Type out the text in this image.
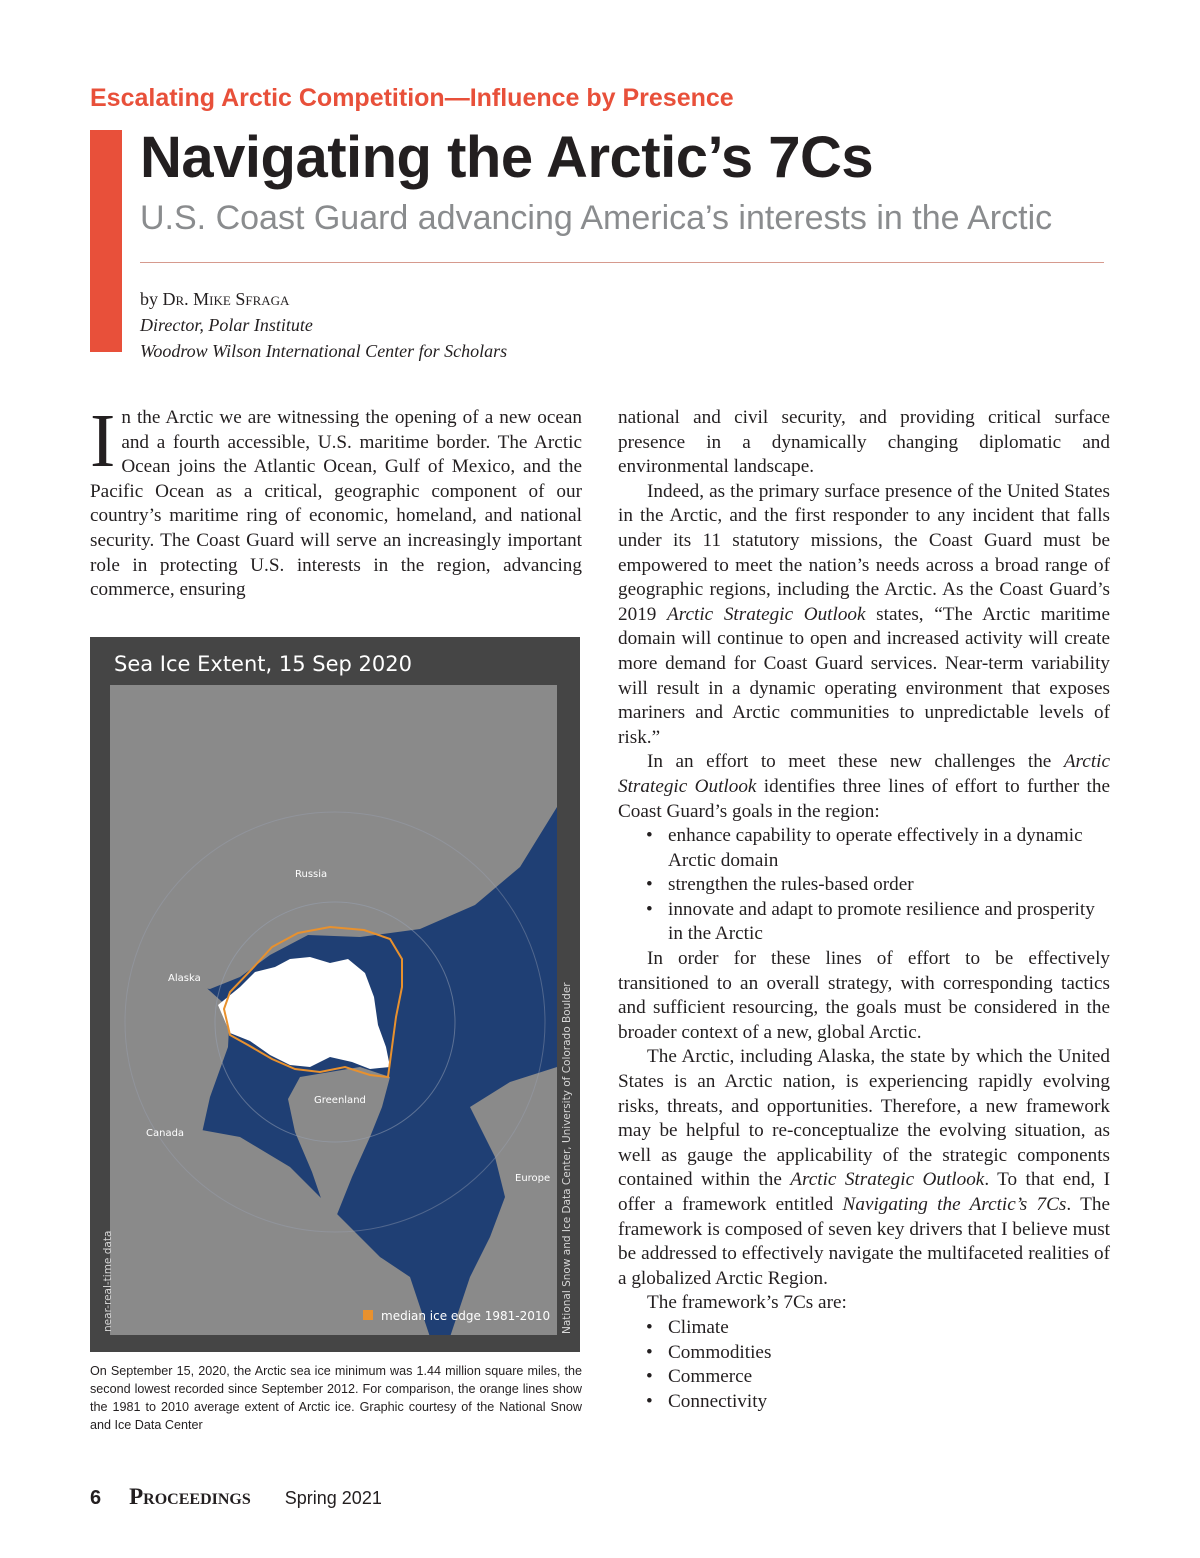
Escalating Arctic Competition—Influence by Presence
Navigating the Arctic’s 7Cs
U.S. Coast Guard advancing America’s interests in the Arctic
by Dr. Mike Sfraga
Director, Polar Institute
Woodrow Wilson International Center for Scholars

In the Arctic we are witnessing the opening of a new ocean and a fourth accessible, U.S. maritime border. The Arctic Ocean joins the Atlantic Ocean, Gulf of Mexico, and the Pacific Ocean as a critical, geographic component of our country’s maritime ring of economic, homeland, and national security. The Coast Guard will serve an increasingly important role in protecting U.S. interests in the region, advancing commerce, ensuring

Sea Ice Extent, 15 Sep 2020
Russia
Alaska
Greenland
Canada
Europe
near-real-time data	National Snow and Ice Data Center, University of Colorado Boulder
median ice edge 1981-2010
On September 15, 2020, the Arctic sea ice minimum was 1.44 million square miles, the second lowest recorded since September 2012. For comparison, the orange lines show the 1981 to 2010 average extent of Arctic ice. Graphic courtesy of the National Snow and Ice Data Center

national and civil security, and providing critical surface presence in a dynamically changing diplomatic and environmental landscape.

Indeed, as the primary surface presence of the United States in the Arctic, and the first responder to any incident that falls under its 11 statutory missions, the Coast Guard must be empowered to meet the nation’s needs across a broad range of geographic regions, including the Arctic. As the Coast Guard’s 2019 Arctic Strategic Outlook states, “The Arctic maritime domain will continue to open and increased activity will create more demand for Coast Guard services. Near-term variability will result in a dynamic operating environment that exposes mariners and Arctic communities to unpredictable levels of risk.”

In an effort to meet these new challenges the Arctic Strategic Outlook identifies three lines of effort to further the Coast Guard’s goals in the region:

• enhance capability to operate effectively in a dynamic Arctic domain
• strengthen the rules-based order
• innovate and adapt to promote resilience and prosperity in the Arctic

In order for these lines of effort to be effectively transitioned to an overall strategy, with corresponding tactics and sufficient resourcing, the goals must be considered in the broader context of a new, global Arctic.

The Arctic, including Alaska, the state by which the United States is an Arctic nation, is experiencing rapidly evolving risks, threats, and opportunities. Therefore, a new framework may be helpful to re-conceptualize the evolving situation, as well as gauge the applicability of the strategic components contained within the Arctic Strategic Outlook. To that end, I offer a framework entitled Navigating the Arctic’s 7Cs. The framework is composed of seven key drivers that I believe must be addressed to effectively navigate the multifaceted realities of a globalized Arctic Region.

The framework’s 7Cs are:

• Climate
• Commodities
• Commerce
• Connectivity
6 Proceedings Spring 2021
